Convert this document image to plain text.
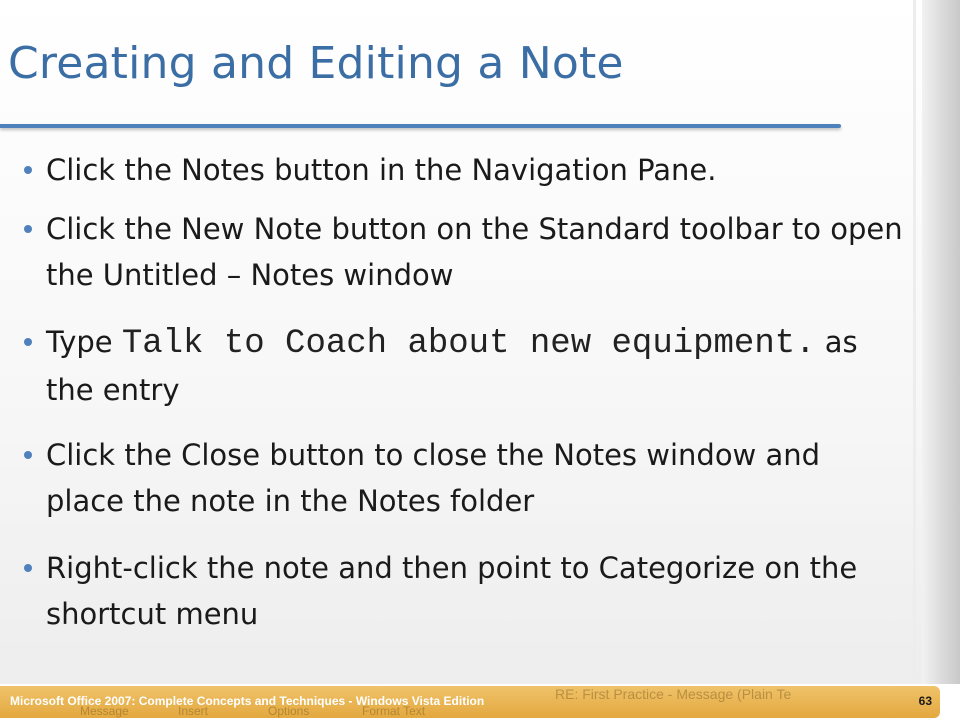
Creating and Editing a Note
Click the Notes button in the Navigation Pane.
Click the New Note button on the Standard toolbar to open the Untitled – Notes window
Type Talk to Coach about new equipment. as the entry
Click the Close button to close the Notes window and place the note in the Notes folder
Right-click the note and then point to Categorize on the shortcut menu
Message	Insert	Options	Format Text
RE: First Practice - Message (Plain Te
Microsoft Office 2007: Complete Concepts and Techniques - Windows Vista Edition	63
